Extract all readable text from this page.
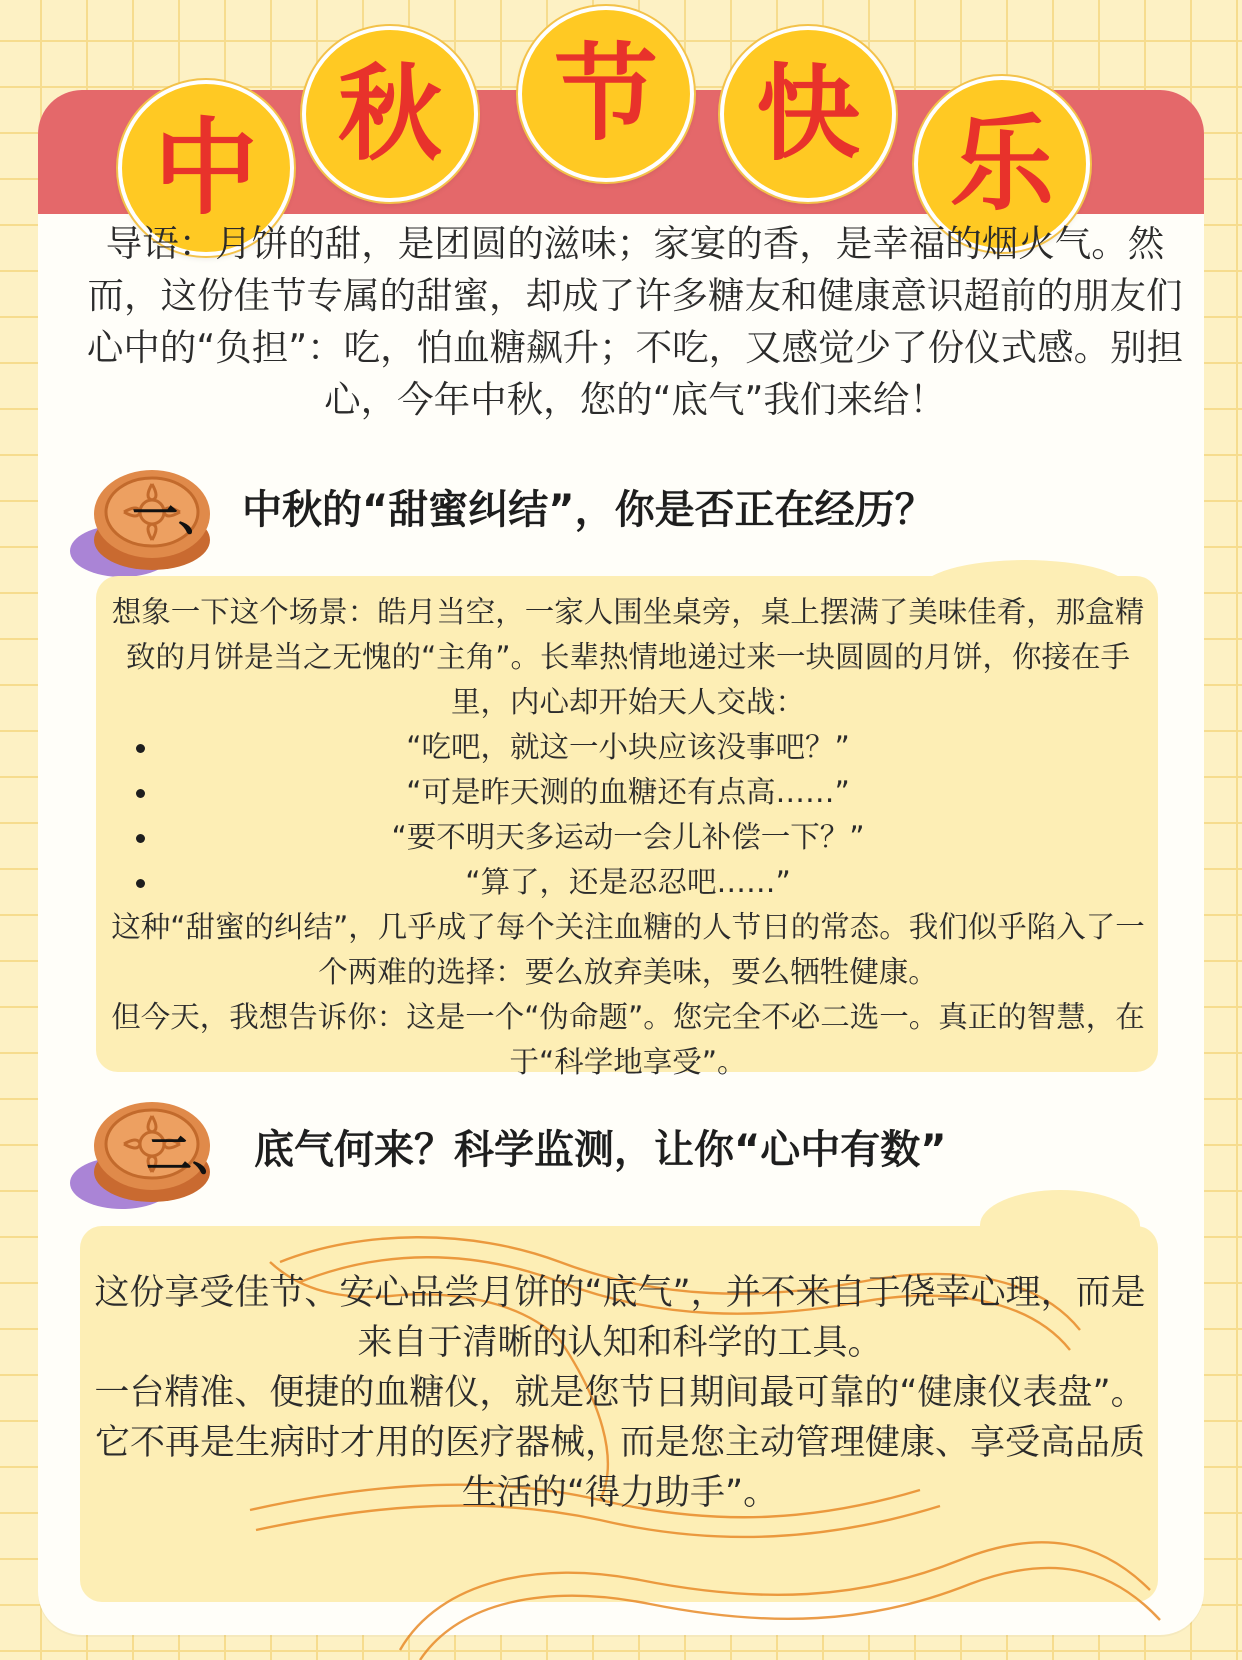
中 秋 节 快 乐
导语：月饼的甜，是团圆的滋味；家宴的香，是幸福的烟火气。然而，这份佳节专属的甜蜜，却成了许多糖友和健康意识超前的朋友们心中的“负担”：吃，怕血糖飙升；不吃，又感觉少了份仪式感。别担心，今年中秋，您的“底气”我们来给！
一、 中秋的“甜蜜纠结”，你是否正在经历？

想象一下这个场景：皓月当空，一家人围坐桌旁，桌上摆满了美味佳肴，那盒精致的月饼是当之无愧的“主角”。长辈热情地递过来一块圆圆的月饼，你接在手里，内心却开始天人交战：

“吃吧，就这一小块应该没事吧？”
“可是昨天测的血糖还有点高……”
“要不明天多运动一会儿补偿一下？”
“算了，还是忍忍吧……”

这种“甜蜜的纠结”，几乎成了每个关注血糖的人节日的常态。我们似乎陷入了一个两难的选择：要么放弃美味，要么牺牲健康。

但今天，我想告诉你：这是一个“伪命题”。您完全不必二选一。真正的智慧，在于“科学地享受”。

二、 底气何来？科学监测，让你“心中有数”

这份享受佳节、安心品尝月饼的“底气”，并不来自于侥幸心理，而是来自于清晰的认知和科学的工具。

一台精准、便捷的血糖仪，就是您节日期间最可靠的“健康仪表盘”。它不再是生病时才用的医疗器械，而是您主动管理健康、享受高品质生活的“得力助手”。
